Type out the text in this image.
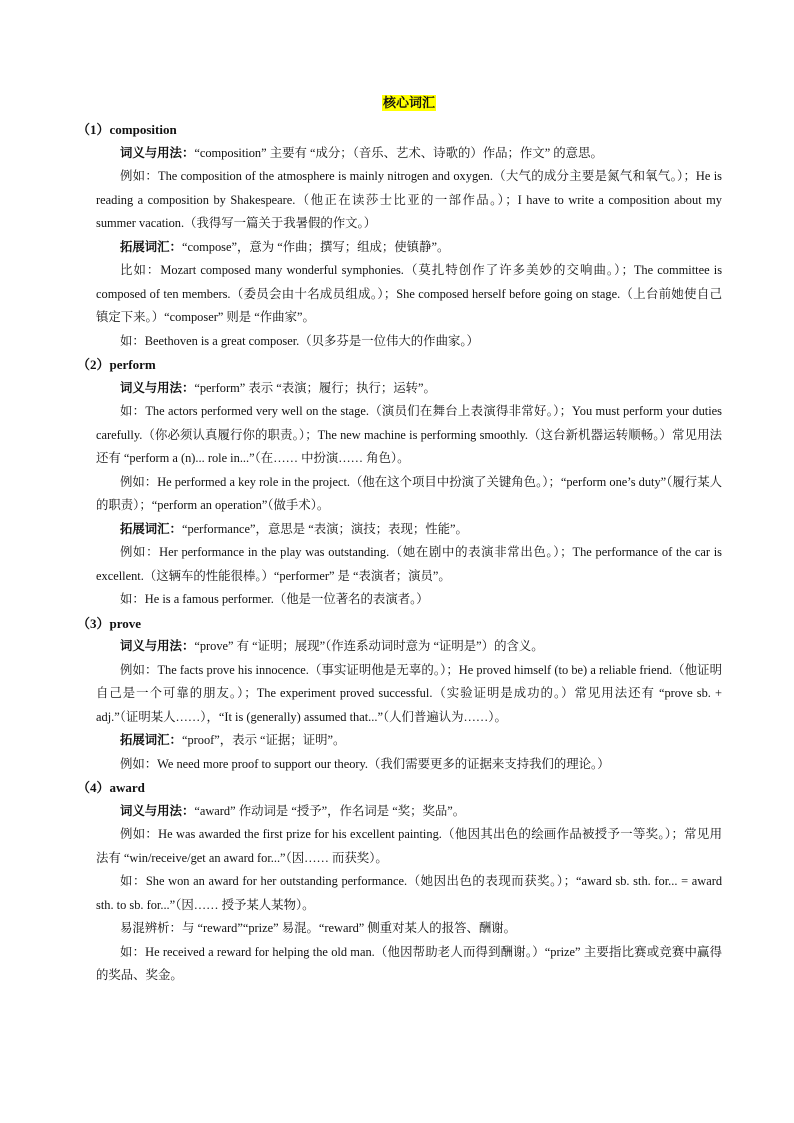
核心词汇
（1）composition

词义与用法：“composition” 主要有 “成分；（音乐、艺术、诗歌的）作品；作文” 的意思。

例如：The composition of the atmosphere is mainly nitrogen and oxygen.（大气的成分主要是氮气和氧气。）；He is reading a composition by Shakespeare.（他正在读莎士比亚的一部作品。）；I have to write a composition about my summer vacation.（我得写一篇关于我暑假的作文。）

拓展词汇：“compose”，意为 “作曲；撰写；组成；使镇静”。

比如：Mozart composed many wonderful symphonies.（莫扎特创作了许多美妙的交响曲。）；The committee is composed of ten members.（委员会由十名成员组成。）；She composed herself before going on stage.（上台前她使自己镇定下来。）“composer” 则是 “作曲家”。

如：Beethoven is a great composer.（贝多芬是一位伟大的作曲家。）

（2）perform

词义与用法：“perform” 表示 “表演；履行；执行；运转”。

如：The actors performed very well on the stage.（演员们在舞台上表演得非常好。）；You must perform your duties carefully.（你必须认真履行你的职责。）；The new machine is performing smoothly.（这台新机器运转顺畅。）常见用法还有 “perform a (n)... role in...”（在…… 中扮演…… 角色）。

例如：He performed a key role in the project.（他在这个项目中扮演了关键角色。）；“perform one’s duty”（履行某人的职责）；“perform an operation”（做手术）。

拓展词汇：“performance”，意思是 “表演；演技；表现；性能”。

例如：Her performance in the play was outstanding.（她在剧中的表演非常出色。）；The performance of the car is excellent.（这辆车的性能很棒。）“performer” 是 “表演者；演员”。

如：He is a famous performer.（他是一位著名的表演者。）

（3）prove

词义与用法：“prove” 有 “证明；展现”（作连系动词时意为 “证明是”）的含义。

例如：The facts prove his innocence.（事实证明他是无辜的。）；He proved himself (to be) a reliable friend.（他证明自己是一个可靠的朋友。）；The experiment proved successful.（实验证明是成功的。）常见用法还有 “prove sb. + adj.”（证明某人……），“It is (generally) assumed that...”（人们普遍认为……）。

拓展词汇：“proof”，表示 “证据；证明”。

例如：We need more proof to support our theory.（我们需要更多的证据来支持我们的理论。）

（4）award

词义与用法：“award” 作动词是 “授予”，作名词是 “奖；奖品”。

例如：He was awarded the first prize for his excellent painting.（他因其出色的绘画作品被授予一等奖。）；常见用法有 “win/receive/get an award for...”（因…… 而获奖）。

如：She won an award for her outstanding performance.（她因出色的表现而获奖。）；“award sb. sth. for... = award sth. to sb. for...”（因…… 授予某人某物）。

易混辨析：与 “reward”“prize” 易混。“reward” 侧重对某人的报答、酬谢。

如：He received a reward for helping the old man.（他因帮助老人而得到酬谢。）“prize” 主要指比赛或竞赛中赢得的奖品、奖金。
